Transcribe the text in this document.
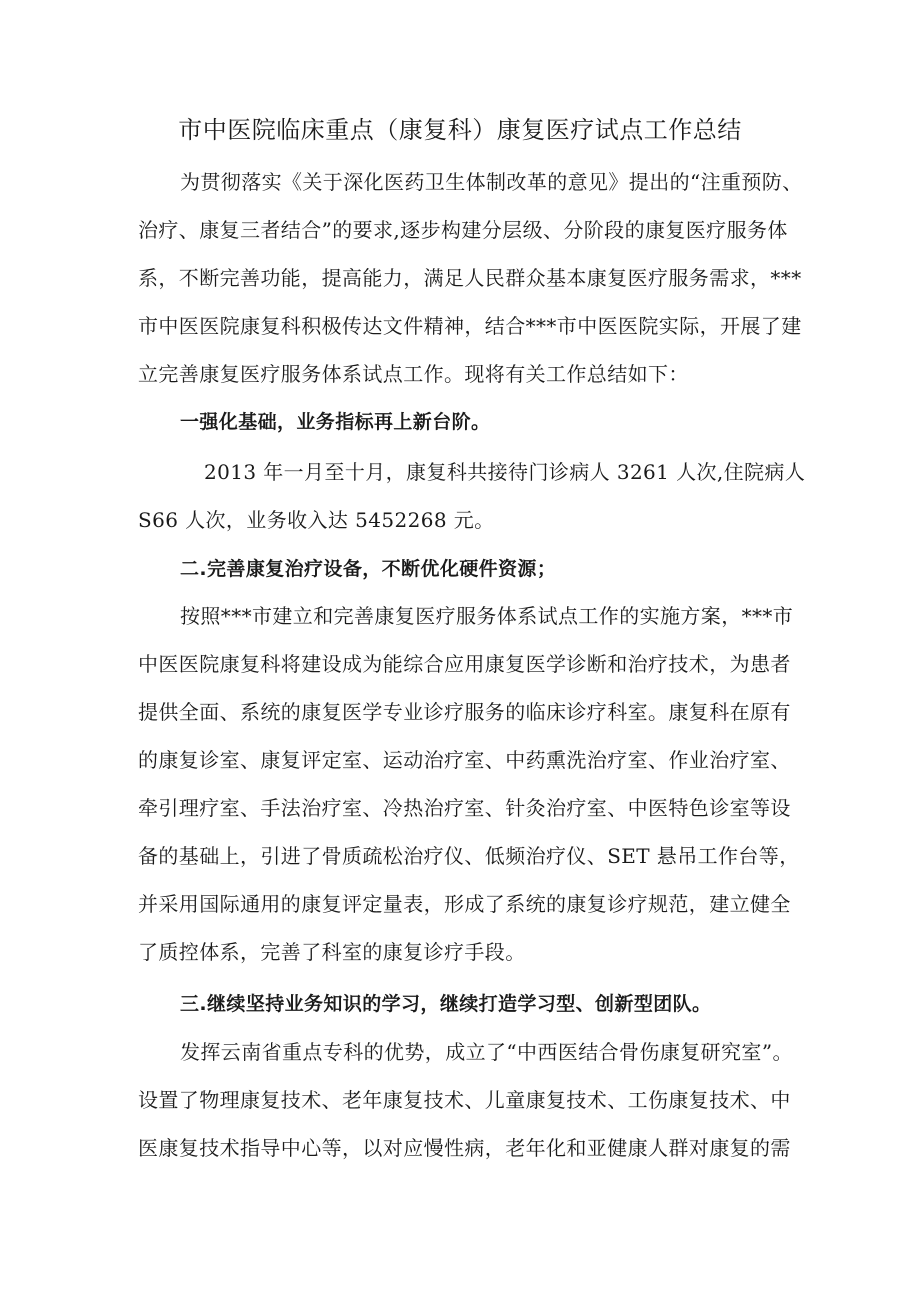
市中医院临床重点（康复科）康复医疗试点工作总结
为贯彻落实《关于深化医药卫生体制改革的意见》提出的“注重预防、
治疗、康复三者结合”的要求,逐步构建分层级、分阶段的康复医疗服务体
系，不断完善功能，提高能力，满足人民群众基本康复医疗服务需求，***
市中医医院康复科积极传达文件精神，结合***市中医医院实际，开展了建
立完善康复医疗服务体系试点工作。现将有关工作总结如下：
一强化基础，业务指标再上新台阶。
2013 年一月至十月，康复科共接待门诊病人 3261 人次,住院病人
S66 人次，业务收入达 5452268 元。
二.完善康复治疗设备，不断优化硬件资源；
按照***市建立和完善康复医疗服务体系试点工作的实施方案，***市
中医医院康复科将建设成为能综合应用康复医学诊断和治疗技术，为患者
提供全面、系统的康复医学专业诊疗服务的临床诊疗科室。康复科在原有
的康复诊室、康复评定室、运动治疗室、中药熏洗治疗室、作业治疗室、
牵引理疗室、手法治疗室、冷热治疗室、针灸治疗室、中医特色诊室等设
备的基础上，引进了骨质疏松治疗仪、低频治疗仪、SET 悬吊工作台等，
并采用国际通用的康复评定量表，形成了系统的康复诊疗规范，建立健全
了质控体系，完善了科室的康复诊疗手段。
三.继续坚持业务知识的学习，继续打造学习型、创新型团队。
发挥云南省重点专科的优势，成立了“中西医结合骨伤康复研究室”。
设置了物理康复技术、老年康复技术、儿童康复技术、工伤康复技术、中
医康复技术指导中心等，以对应慢性病，老年化和亚健康人群对康复的需
